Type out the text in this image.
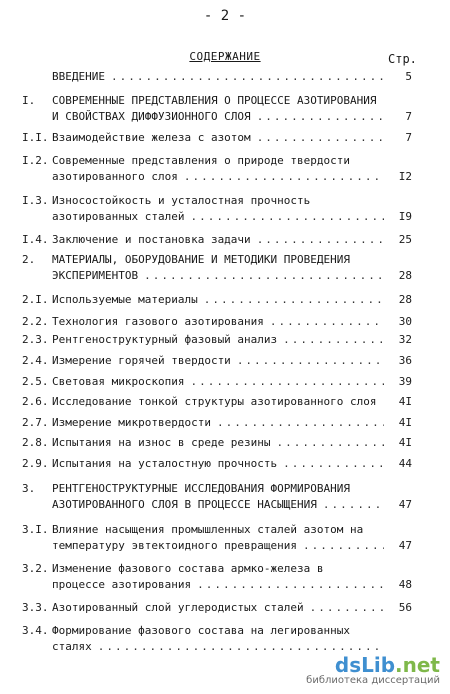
- 2 -
СОДЕРЖАНИЕ	Стр.
ВВЕДЕНИЕ .....	5
I.	СОВРЕМЕННЫЕ ПРЕДСТАВЛЕНИЯ О ПРОЦЕССЕ АЗОТИРОВАНИЯ
И СВОЙСТВАХ ДИФФУЗИОННОГО СЛОЯ .....	7
I.I. Взаимодействие железа с азотом .....	7
I.2. Современные представления о природе твердости
азотированного слоя .....	I2
I.3. Износостойкость и усталостная прочность
азотированных сталей .....	I9
I.4. Заключение и постановка задачи .....	25
2.	МАТЕРИАЛЫ, ОБОРУДОВАНИЕ И МЕТОДИКИ ПРОВЕДЕНИЯ
ЭКСПЕРИМЕНТОВ .....	28
2.I. Используемые материалы .....	28
2.2. Технология газового азотирования .....	30
2.3. Рентгеноструктурный фазовый анализ .....	32
2.4. Измерение горячей твердости .....	36
2.5. Световая микроскопия .....	39
2.6. Исследование тонкой структуры азотированного слоя .....	4I
2.7. Измерение микротвердости .....	4I
2.8. Испытания на износ в среде резины .....	4I
2.9. Испытания на усталостную прочность .....	44
3.	РЕНТГЕНОСТРУКТУРНЫЕ ИССЛЕДОВАНИЯ ФОРМИРОВАНИЯ
АЗОТИРОВАННОГО СЛОЯ В ПРОЦЕССЕ НАСЫЩЕНИЯ .....	47
3.I. Влияние насыщения промышленных сталей азотом на
температуру эвтектоидного превращения .....	47
3.2. Изменение фазового состава армко-железа в
процессе азотирования .....	48
3.3. Азотированный слой углеродистых сталей .....	56
3.4. Формирование фазового состава на легированных
сталях
.....
dsLib.net
библиотека диссертаций
